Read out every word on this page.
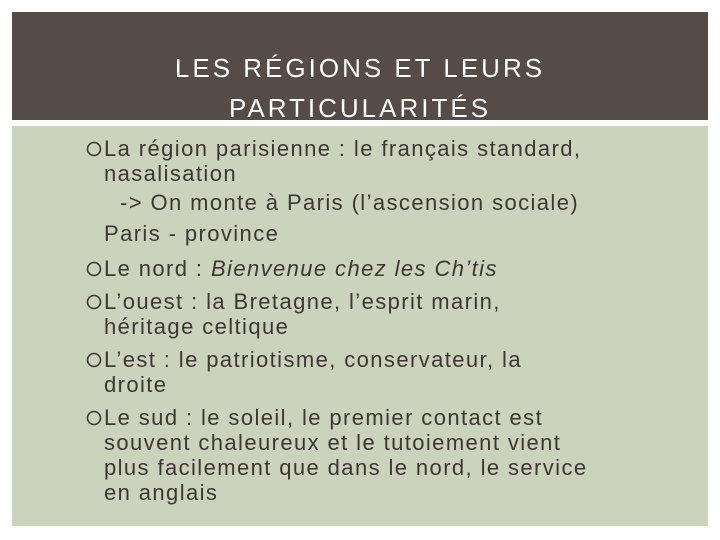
LES RÉGIONS ET LEURS
PARTICULARITÉS
La région parisienne : le français standard,
nasalisation
-> On monte à Paris (l’ascension sociale)
Paris - province
Le nord : Bienvenue chez les Ch’tis
L’ouest : la Bretagne, l’esprit marin,
héritage celtique
L’est : le patriotisme, conservateur, la
droite
Le sud : le soleil, le premier contact est
souvent chaleureux et le tutoiement vient
plus facilement que dans le nord, le service
en anglais
